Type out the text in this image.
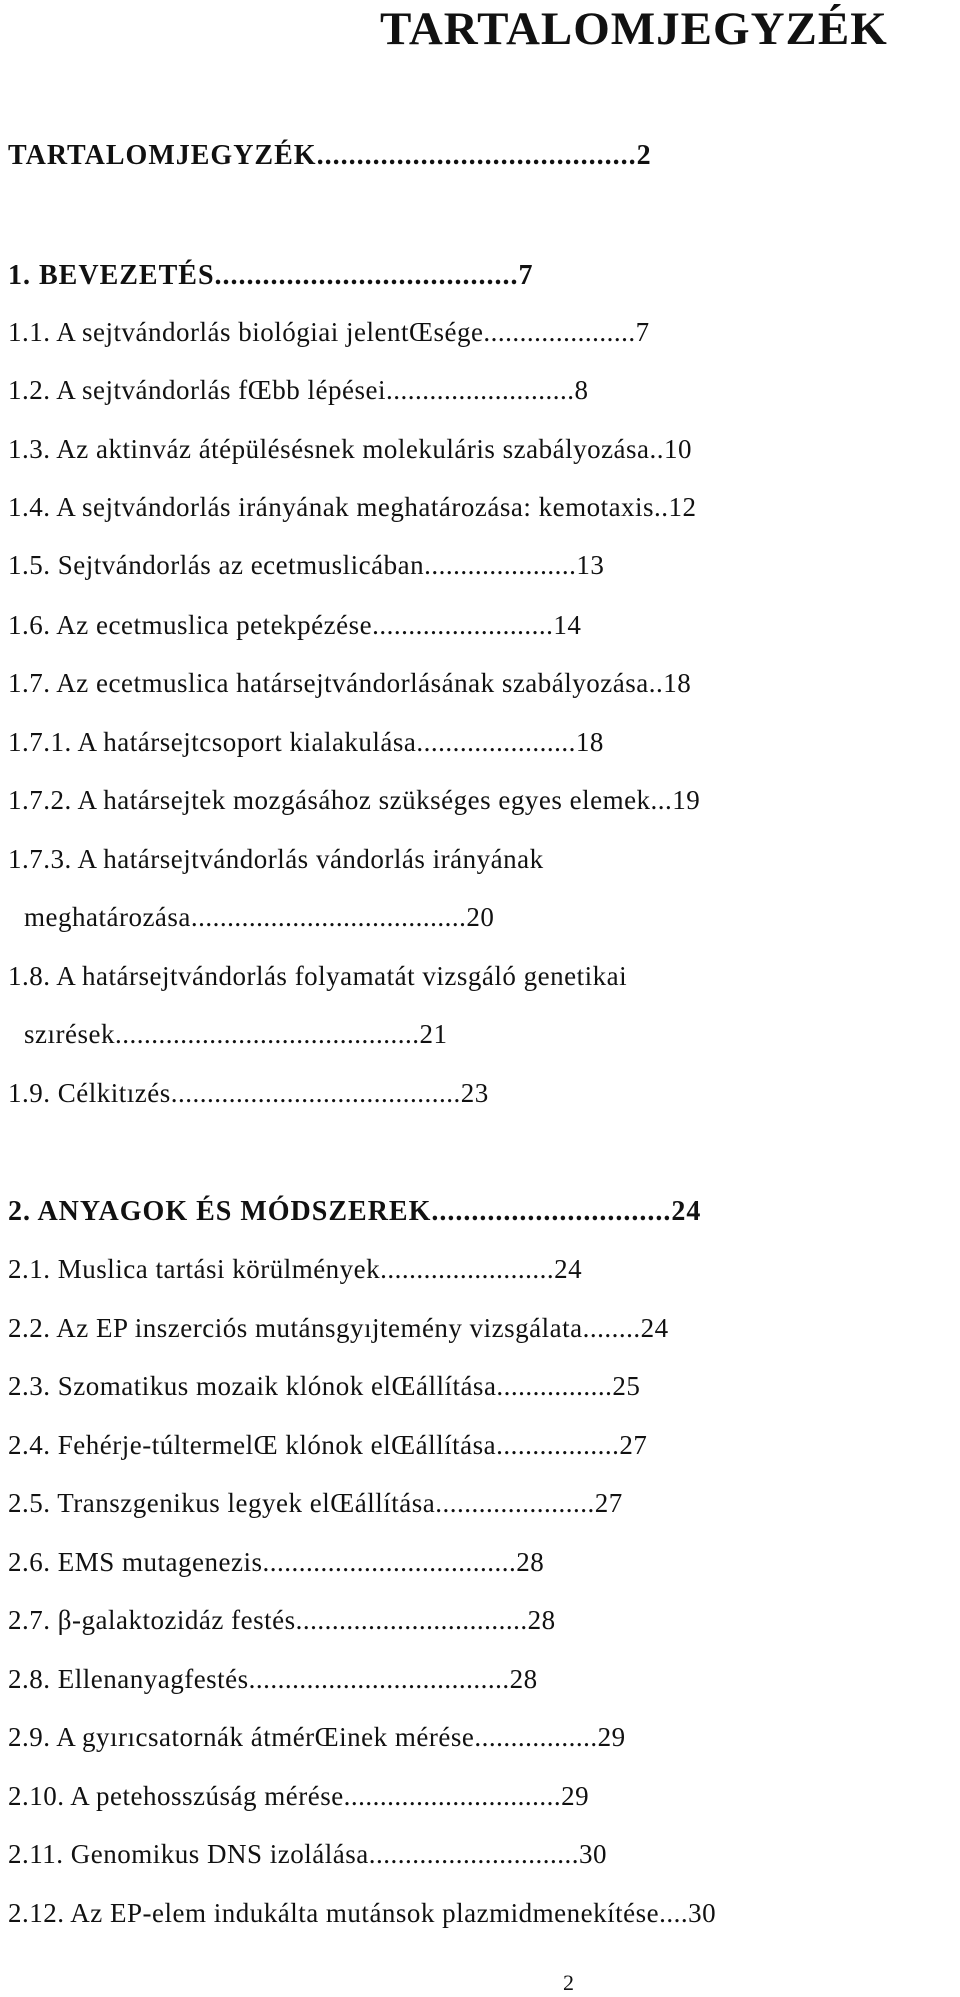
TARTALOMJEGYZÉK
TARTALOMJEGYZÉK........................................2
1. BEVEZETÉS......................................7
1.1. A sejtvándorlás biológiai jelentŒsége.....................7
1.2. A sejtvándorlás fŒbb lépései..........................8
1.3. Az aktinváz átépülésésnek molekuláris szabályozása..10
1.4. A sejtvándorlás irányának meghatározása: kemotaxis..12
1.5. Sejtvándorlás az ecetmuslicában.....................13
1.6. Az ecetmuslica petekpézése.........................14
1.7. Az ecetmuslica határsejtvándorlásának szabályozása..18
1.7.1. A határsejtcsoport kialakulása......................18
1.7.2. A határsejtek mozgásához szükséges egyes elemek...19
1.7.3. A határsejtvándorlás vándorlás irányának
meghatározása......................................20
1.8. A határsejtvándorlás folyamatát vizsgáló genetikai
szırések..........................................21
1.9. Célkitızés........................................23
2. ANYAGOK ÉS MÓDSZEREK..............................24
2.1. Muslica tartási körülmények........................24
2.2. Az EP inszerciós mutánsgyıjtemény vizsgálata........24
2.3. Szomatikus mozaik klónok elŒállítása................25
2.4. Fehérje-túltermelŒ klónok elŒállítása.................27
2.5. Transzgenikus legyek elŒállítása......................27
2.6. EMS mutagenezis...................................28
2.7. β-galaktozidáz festés................................28
2.8. Ellenanyagfestés....................................28
2.9. A gyırıcsatornák átmérŒinek mérése.................29
2.10. A petehosszúság mérése..............................29
2.11. Genomikus DNS izolálása.............................30
2.12. Az EP-elem indukálta mutánsok plazmidmenekítése....30
2
